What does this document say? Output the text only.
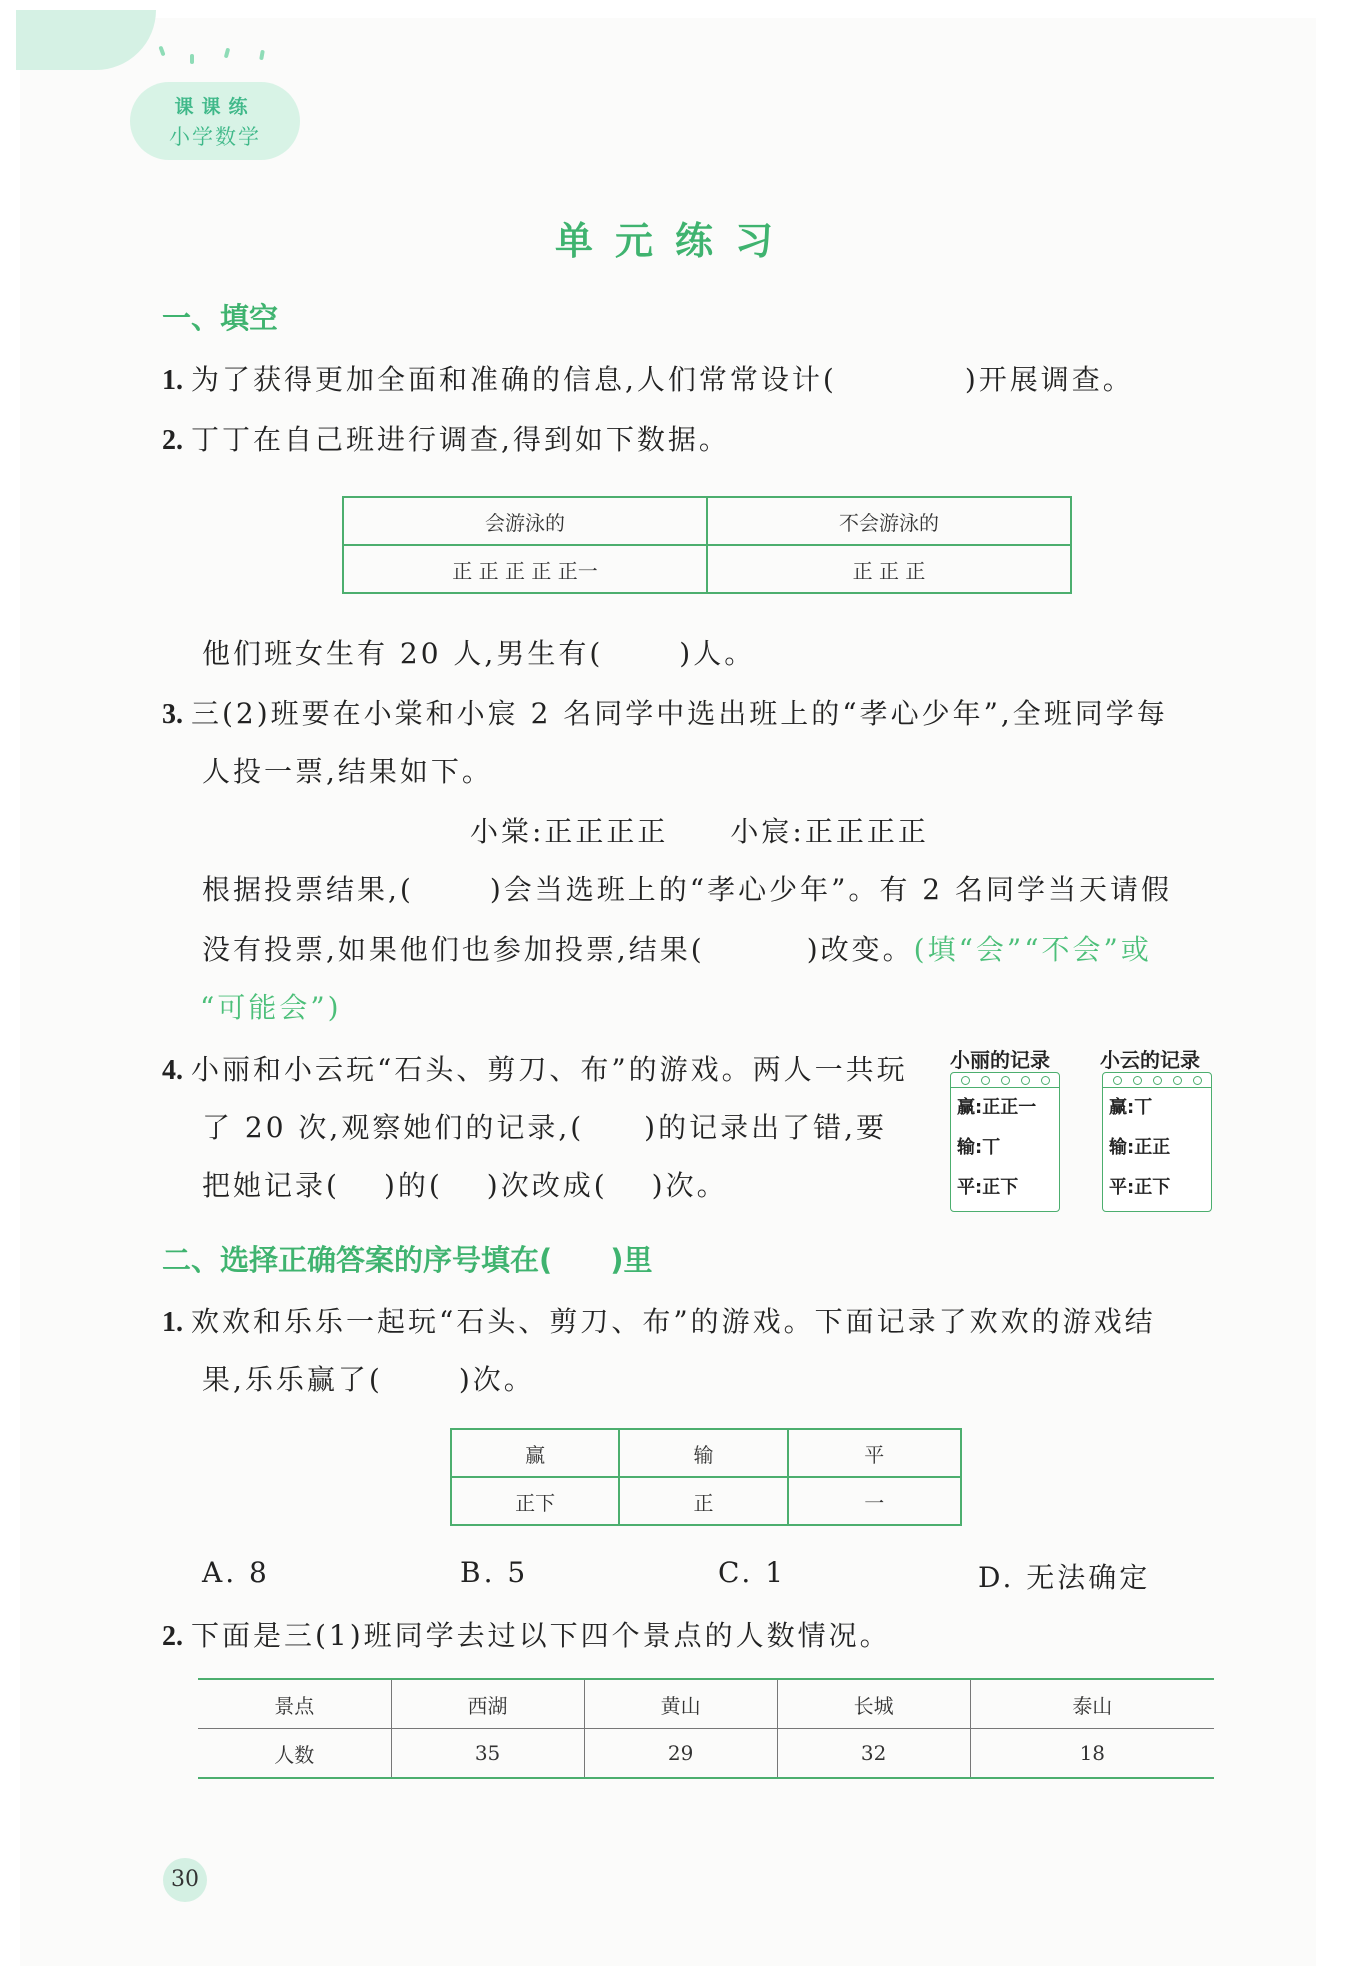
课课练
小学数学
单元练习
一、填空
1. 为了获得更加全面和准确的信息,人们常常设计(	)开展调查。
2. 丁丁在自己班进行调查,得到如下数据。
会游泳的	不会游泳的
正 正 正 正 正一	正 正 正
他们班女生有 20 人,男生有(	)人。
3. 三(2)班要在小棠和小宸 2 名同学中选出班上的“孝心少年”,全班同学每
人投一票,结果如下。
小棠:正正正正　　小宸:正正正正
根据投票结果,(	)会当选班上的“孝心少年”。有 2 名同学当天请假
没有投票,如果他们也参加投票,结果(	)改变。(填“会”“不会”或
“可能会”)
4. 小丽和小云玩“石头、剪刀、布”的游戏。两人一共玩
了 20 次,观察她们的记录,( )的记录出了错,要
把她记录( )的( )次改成( )次。
小丽的记录
赢:正正一
输:丅
平:正下
小云的记录
赢:丅
输:正正
平:正下
二、选择正确答案的序号填在(　　)里
1. 欢欢和乐乐一起玩“石头、剪刀、布”的游戏。下面记录了欢欢的游戏结
果,乐乐赢了(	)次。
赢	输	平
正下	正	一
A. 8	B. 5	C. 1	D. 无法确定
2. 下面是三(1)班同学去过以下四个景点的人数情况。
景点	西湖	黄山	长城	泰山
人数	35	29	32	18
30
